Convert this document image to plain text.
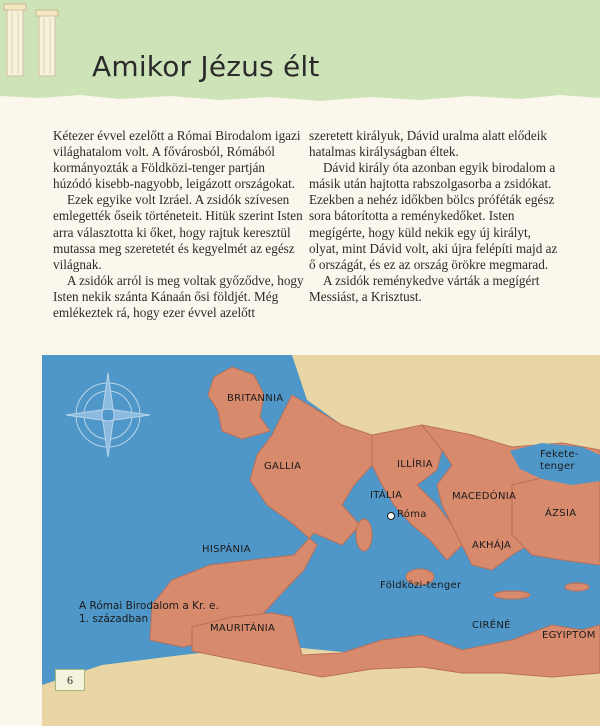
Amikor Jézus élt

Kétezer évvel ezelőtt a Római Birodalom igazi világhatalom volt. A fővárosból, Rómából kormányozták a Földközi-tenger partján húzódó kisebb-nagyobb, leigázott országokat.

Ezek egyike volt Izráel. A zsidók szívesen emlegették őseik történeteit. Hitük szerint Isten arra választotta ki őket, hogy rajtuk keresztül mutassa meg szeretetét és kegyelmét az egész világnak.

A zsidók arról is meg voltak győződve, hogy Isten nekik szánta Kánaán ősi földjét. Még emlékeztek rá, hogy ezer évvel azelőtt

szeretett királyuk, Dávid uralma alatt elődeik hatalmas királyságban éltek.

Dávid király óta azonban egyik birodalom a másik után hajtotta rabszolgasorba a zsidókat. Ezekben a nehéz időkben bölcs próféták egész sora bátorította a reménykedőket. Isten megígérte, hogy küld nekik egy új királyt, olyat, mint Dávid volt, aki újra felépíti majd az ő országát, és ez az ország örökre megmarad.

A zsidók reménykedve várták a megígért Messiást, a Krisztust.

BRITANNIA
GALLIA	ILLÍRIA
ITÁLIA
Róma
MACEDÓNIA
Fekete-tenger
ÁZSIA
AKHÁJA
HISPÁNIA
Földközi-tenger
MAURITÁNIA	CIRÉNÉ
EGYIPTOM
A Római Birodalom a Kr. e. 1. században
6
